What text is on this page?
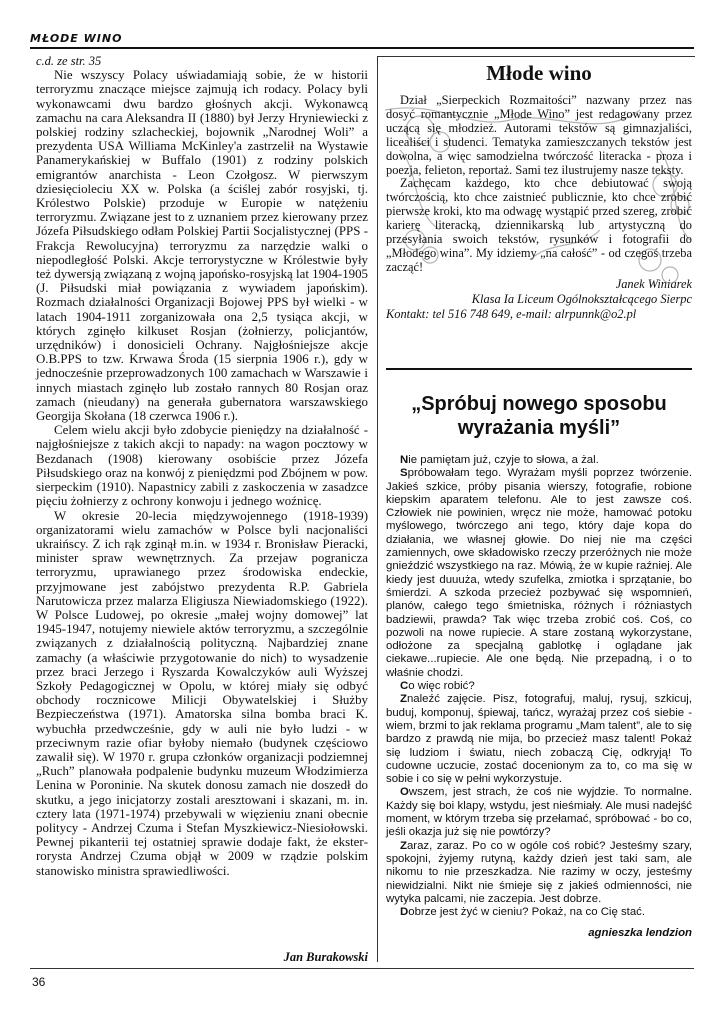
MŁODE WINO

c.d. ze str. 35

Nie wszyscy Polacy uświadamiają sobie, że w historii terroryzmu znaczące miejsce zajmują ich rodacy. Polacy byli wykonawcami dwu bardzo głośnych akcji. Wykonawcą zamachu na cara Aleksandra II (1880) był Jerzy Hryniewiecki z polskiej rodziny szlacheckiej, bojownik „Narodnej Woli” a prezydenta USA Williama McKinley'a zastrzelił na Wystawie Panamerykańskiej w Buffalo (1901) z rodziny polskich emigrantów anarchista - Leon Czołgosz. W pierwszym dziesięcioleciu XX w. Polska (a ściślej zabór rosyjski, tj. Królestwo Polskie) przoduje w Europie w natężeniu terroryzmu. Związane jest to z uznaniem przez kierowany przez Józefa Piłsudskiego odłam Polskiej Partii Socjalistycznej (PPS - Frakcja Rewolucyjna) terroryzmu za narzędzie walki o niepodległość Polski. Akcje terrorystyczne w Królestwie były też dywersją związaną z wojną japońsko-rosyjską lat 1904-1905 (J. Piłsudski miał powiązania z wywiadem japońskim). Rozmach działalności Organizacji Bojowej PPS był wielki - w latach 1904-1911 zorganizowała ona 2,5 tysiąca akcji, w których zginęło kilkuset Rosjan (żołnierzy, policjantów, urzędników) i donosicieli Ochrany. Najgłośniejsze akcje O.B.PPS to tzw. Krwawa Środa (15 sierpnia 1906 r.), gdy w jednocześnie przeprowadzonych 100 zamachach w Warszawie i innych miastach zginęło lub zostało rannych 80 Rosjan oraz zamach (nieudany) na generała gubernatora warszawskiego Georgija Skołana (18 czerwca 1906 r.).

Celem wielu akcji było zdobycie pieniędzy na działalność - najgłośniejsze z takich akcji to napady: na wagon pocztowy w Bezdanach (1908) kierowany osobiście przez Józefa Piłsudskiego oraz na konwój z pieniędzmi pod Zbójnem w pow. sierpeckim (1910). Napastnicy zabili z zaskoczenia w zasadzce pięciu żołnierzy z ochrony konwoju i jednego woźnicę.

W okresie 20-lecia międzywojennego (1918-1939) organizatorami wielu zamachów w Polsce byli nacjonaliści ukraińscy. Z ich rąk zginął m.in. w 1934 r. Bronisław Pieracki, minister spraw wewnętrznych. Za przejaw pogranicza terroryzmu, uprawianego przez środowiska endeckie, przyjmowane jest zabójstwo prezydenta R.P. Gabriela Narutowicza przez malarza Eligiusza Niewiadomskiego (1922). W Polsce Ludowej, po okresie „małej wojny domowej” lat 1945-1947, notujemy niewiele aktów terroryzmu, a szczególnie związanych z działalnością polityczną. Najbardziej znane zamachy (a właściwie przygotowanie do nich) to wysadzenie przez braci Jerzego i Ryszarda Kowalczyków auli Wyższej Szkoły Pedagogicznej w Opolu, w której miały się odbyć obchody rocznicowe Milicji Obywatelskiej i Służby Bezpieczeństwa (1971). Amatorska silna bomba braci K. wybuchła przedwcześnie, gdy w auli nie było ludzi - w przeciwnym razie ofiar byłoby niemało (budynek częściowo zawalił się). W 1970 r. grupa członków organizacji podziemnej „Ruch” planowała podpalenie budynku muzeum Włodzimierza Lenina w Poroninie. Na skutek donosu zamach nie doszedł do skutku, a jego inicjatorzy zostali aresztowani i skazani, m. in. cztery lata (1971-1974) przebywali w więzieniu znani obecnie politycy - Andrzej Czuma i Stefan Myszkiewicz-Niesiołowski. Pewnej pikanterii tej ostatniej sprawie dodaje fakt, że eksterrorysta Andrzej Czuma objął w 2009 w rządzie polskim stanowisko ministra sprawiedliwości.

Jan Burakowski
Młode wino

Dział „Sierpeckich Rozmaitości” nazwany przez nas dosyć romantycznie „Młode Wino” jest redagowany przez uczącą się młodzież. Autorami tekstów są gimnazjaliści, licealiści i studenci. Tematyka zamieszczanych tekstów jest dowolna, a więc samodzielna twórczość literacka - proza i poezja, felieton, reportaż. Sami tez ilustrujemy nasze teksty.

Zachęcam każdego, kto chce debiutować swoją twórczością, kto chce zaistnieć publicznie, kto chce zrobić pierwsze kroki, kto ma odwagę wystąpić przed szereg, zrobić karierę literacką, dziennikarską lub artystyczną do przesyłania swoich tekstów, rysunków i fotografii do „Młodego wina”. My idziemy „na całość” - od czegoś trzeba zacząć!

Janek Winiarek
Klasa Ia Liceum Ogólnokształcącego Sierpc
Kontakt: tel 516 748 649, e-mail: alrpunnk@o2.pl
„Spróbuj nowego sposobu wyrażania myśli”

Nie pamiętam już, czyje to słowa, a żal.

Spróbowałam tego. Wyrażam myśli poprzez twórzenie. Jakieś szkice, próby pisania wierszy, fotografie, robione kiepskim aparatem telefonu. Ale to jest zawsze coś. Człowiek nie powinien, wręcz nie może, hamować potoku myślowego, twórczego ani tego, który daje kopa do działania, we własnej głowie. Do niej nie ma części zamiennych, owe składowisko rzeczy przeróżnych nie może gnieździć wszystkiego na raz. Mówią, że w kupie raźniej. Ale kiedy jest duuuża, wtedy szufelka, zmiotka i sprzątanie, bo śmierdzi. A szkoda przecież pozbywać się wspomnień, planów, całego tego śmietniska, różnych i różniastych badziewii, prawda? Tak więc trzeba zrobić coś. Coś, co pozwoli na nowe rupiecie. A stare zostaną wykorzystane, odłożone za specjalną gablotkę i oglądane jak ciekawe...rupiecie. Ale one będą. Nie przepadną, i o to właśnie chodzi.

Co więc robić?

Znaleźć zajęcie. Pisz, fotografuj, maluj, rysuj, szkicuj, buduj, komponuj, śpiewaj, tańcz, wyrażaj przez coś siebie - wiem, brzmi to jak reklama programu „Mam talent”, ale to się bardzo z prawdą nie mija, bo przecież masz talent! Pokaż się ludziom i światu, niech zobaczą Cię, odkryją! To cudowne uczucie, zostać docenionym za to, co ma się w sobie i co się w pełni wykorzystuje.

Owszem, jest strach, że coś nie wyjdzie. To normalne. Każdy się boi klapy, wstydu, jest nieśmiały. Ale musi nadejść moment, w którym trzeba się przełamać, spróbować - bo co, jeśli okazja już się nie powtórzy?

Zaraz, zaraz. Po co w ogóle coś robić? Jesteśmy szary, spokojni, żyjemy rutyną, każdy dzień jest taki sam, ale nikomu to nie przeszkadza. Nie razimy w oczy, jesteśmy niewidzialni. Nikt nie śmieje się z jakieś odmienności, nie wytyka palcami, nie zaczepia. Jest dobrze.

Dobrze jest żyć w cieniu? Pokaż, na co Cię stać.

agnieszka lendzion
36
